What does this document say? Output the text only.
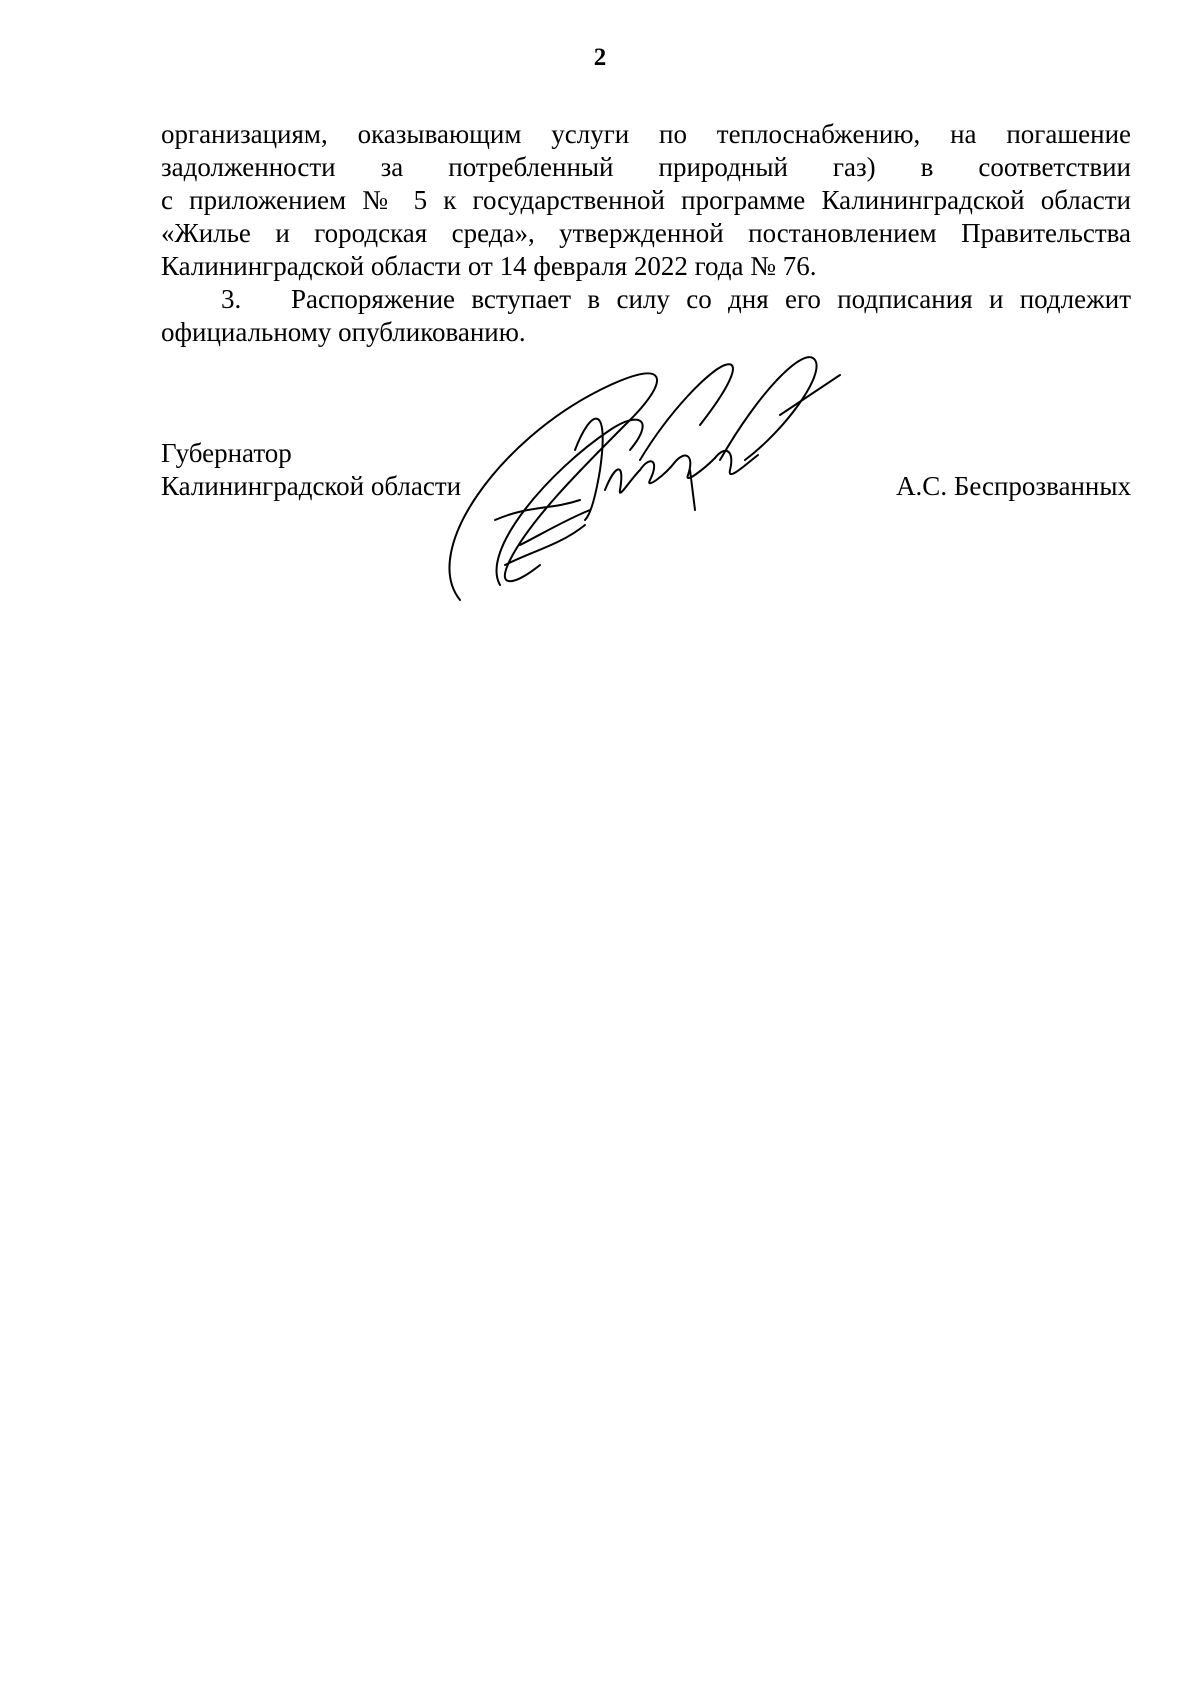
2
организациям, оказывающим услуги по теплоснабжению, на погашение
задолженности за потребленный природный газ) в соответствии
с приложением № 5 к государственной программе Калининградской области
«Жилье и городская среда», утвержденной постановлением Правительства
Калининградской области от 14 февраля 2022 года № 76.
3. Распоряжение вступает в силу со дня его подписания и подлежит
официальному опубликованию.
Губернатор
Калининградской области	А.С. Беспрозванных
